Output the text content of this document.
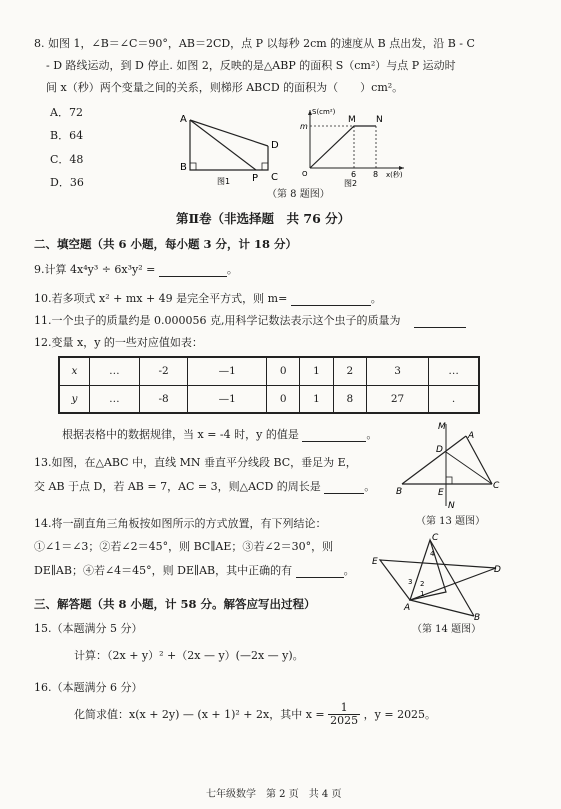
8. 如图 1，∠B＝∠C＝90°，AB＝2CD，点 P 以每秒 2cm 的速度从 B 点出发，沿 B - C
- D 路线运动，到 D 停止. 如图 2，反映的是△ABP 的面积 S（cm²）与点 P 运动时
间 x（秒）两个变量之间的关系，则梯形 ABCD 的面积为（　　）cm²。
A．72
B．64
C．48
D．36
A
B
C
D
P
图1
S(cm²)
m
M N
O	6 8 x(秒)
图2
（第 8 题图）
第Ⅱ卷（非选择题　共 76 分）
二、填空题（共 6 小题，每小题 3 分，计 18 分）
9.计算 4x⁴y³ ÷ 6x³y² =	。
10.若多项式 x² + mx + 49 是完全平方式，则 m=	。
11.一个虫子的质量约是 0.000056 克,用科学记数法表示这个虫子的质量为
12.变量 x，y 的一些对应值如表：
x	…	-2	—1	0	1	2	3	…
y	…	-8	—1	0	1	8	27	.
根据表格中的数据规律，当 x = -4 时，y 的值是	。
13.如图，在△ABC 中，直线 MN 垂直平分线段 BC，垂足为 E，
交 AB 于点 D，若 AB = 7，AC = 3，则△ACD 的周长是	。
M
A
D
B	E
C
N
（第 13 题图）
14.将一副直角三角板按如图所示的方式放置，有下列结论：
①∠1＝∠3；②若∠2＝45°，则 BC∥AE；③若∠2＝30°，则
DE∥AB；④若∠4＝45°，则 DE∥AB，其中正确的有	。
C
E
D
A
B
1
2
3
4
（第 14 题图）
三、解答题（共 8 小题，计 58 分。解答应写出过程）
15.（本题满分 5 分）
计算：（2x + y）² +（2x — y）(—2x — y)。
16.（本题满分 6 分）
化简求值：x(x + 2y) — (x + 1)² + 2x，其中 $x = \frac{1}{2025}$ ，y = 2025。
七年级数学　第 2 页　共 4 页
